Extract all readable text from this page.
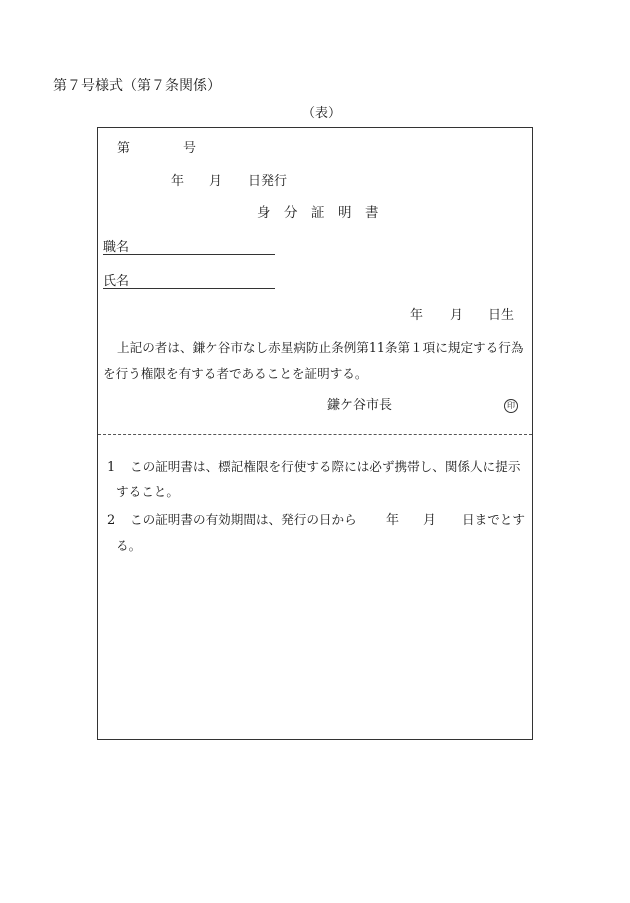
第７号様式（第７条関係）
（表）
第	号
年 月 日発行
身　分　証　明　書
職名
氏名
年 月 日生
上記の者は、鎌ケ谷市なし赤星病防止条例第11条第１項に規定する行為
を行う権限を有する者であることを証明する。
鎌ケ谷市長	印
1 この証明書は、標記権限を行使する際には必ず携帯し、関係人に提示
すること。
2 この証明書の有効期間は、発行の日から 年 月 日までとす
る。
